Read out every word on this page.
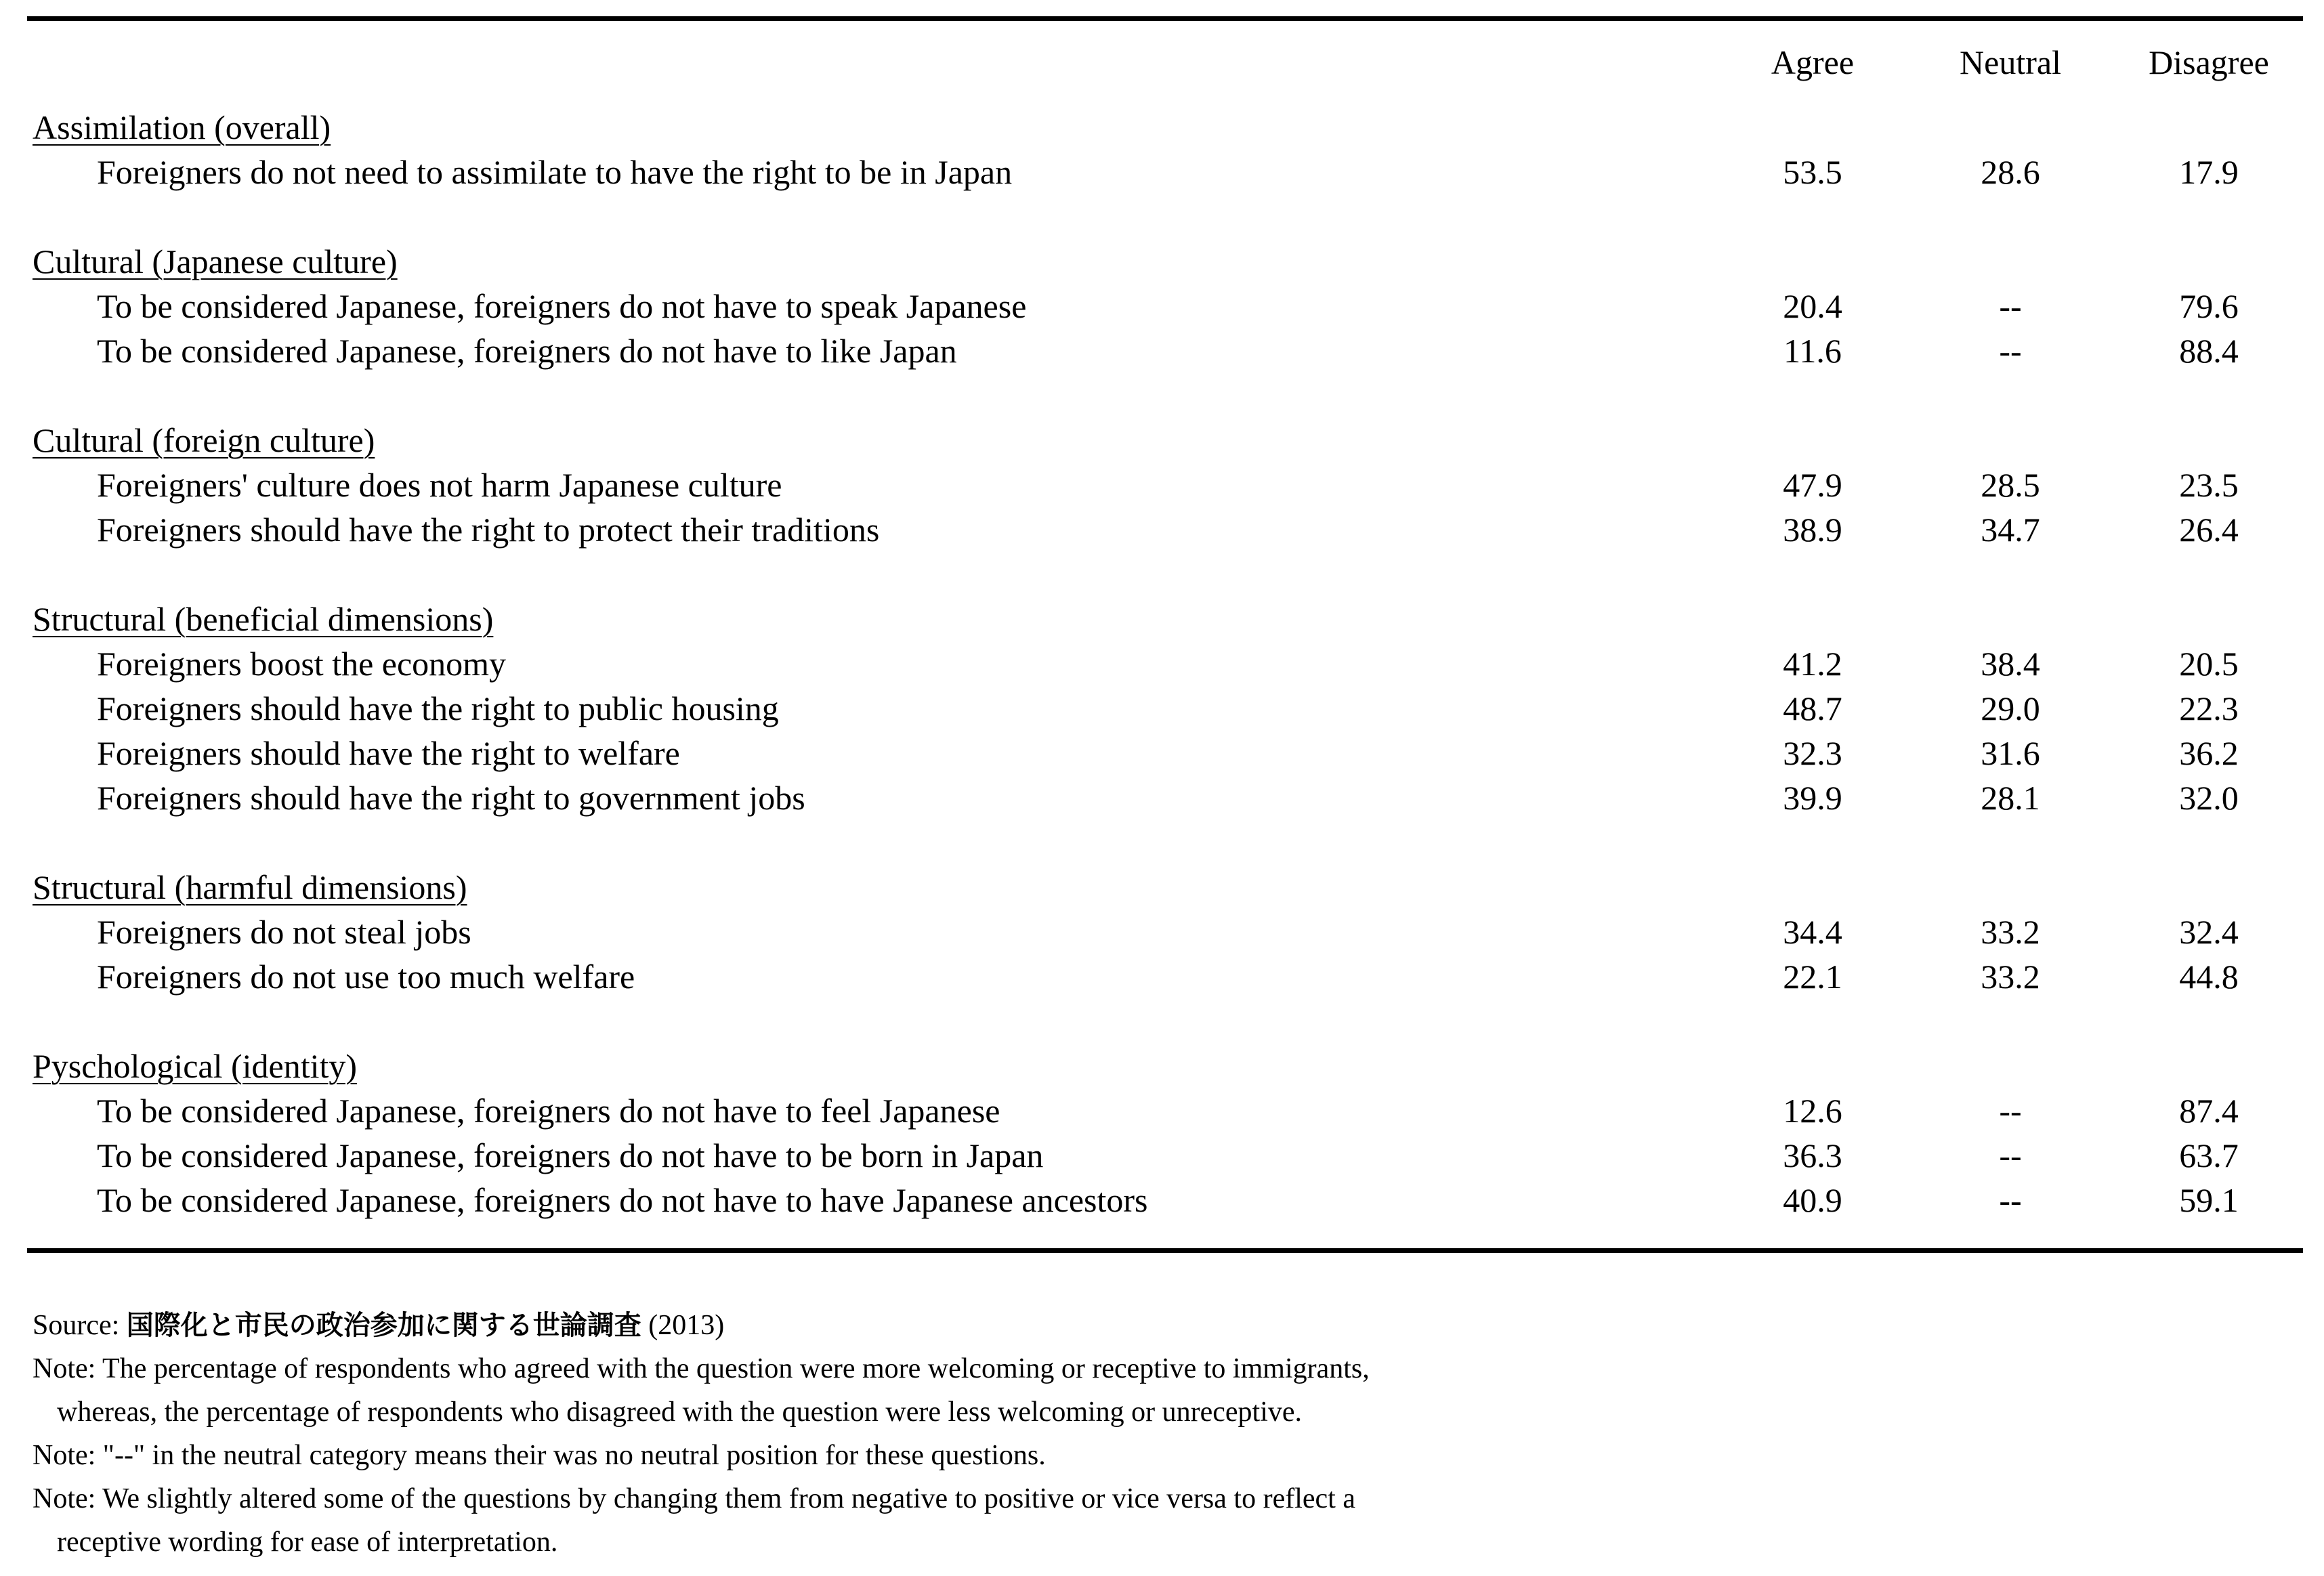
Agree	Neutral	Disagree
Assimilation (overall)
Foreigners do not need to assimilate to have the right to be in Japan	53.5	28.6	17.9
Cultural (Japanese culture)
To be considered Japanese, foreigners do not have to speak Japanese	20.4	--	79.6
To be considered Japanese, foreigners do not have to like Japan	11.6	--	88.4
Cultural (foreign culture)
Foreigners' culture does not harm Japanese culture	47.9	28.5	23.5
Foreigners should have the right to protect their traditions	38.9	34.7	26.4
Structural (beneficial dimensions)
Foreigners boost the economy	41.2	38.4	20.5
Foreigners should have the right to public housing	48.7	29.0	22.3
Foreigners should have the right to welfare	32.3	31.6	36.2
Foreigners should have the right to government jobs	39.9	28.1	32.0
Structural (harmful dimensions)
Foreigners do not steal jobs	34.4	33.2	32.4
Foreigners do not use too much welfare	22.1	33.2	44.8
Pyschological (identity)
To be considered Japanese, foreigners do not have to feel Japanese	12.6	--	87.4
To be considered Japanese, foreigners do not have to be born in Japan	36.3	--	63.7
To be considered Japanese, foreigners do not have to have Japanese ancestors	40.9	--	59.1
Source: 国際化と市民の政治参加に関する世論調査 (2013)
Note: The percentage of respondents who agreed with the question were more welcoming or receptive to immigrants,
whereas, the percentage of respondents who disagreed with the question were less welcoming or unreceptive.
Note: "--" in the neutral category means their was no neutral position for these questions.
Note: We slightly altered some of the questions by changing them from negative to positive or vice versa to reflect a
receptive wording for ease of interpretation.
